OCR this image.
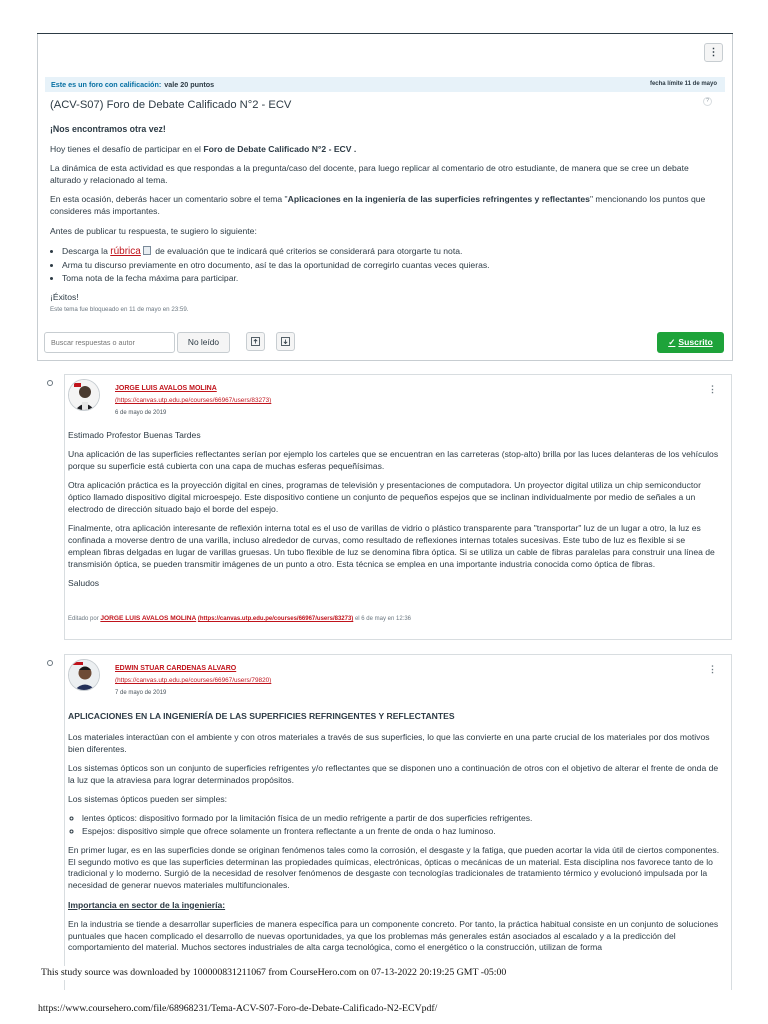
⋮
Este es un foro con calificación: vale 20 puntos	fecha límite 11 de mayo
(ACV-S07) Foro de Debate Calificado N°2 - ECV	?

¡Nos encontramos otra vez!

Hoy tienes el desafío de participar en el Foro de Debate Calificado N°2 - ECV .

La dinámica de esta actividad es que respondas a la pregunta/caso del docente, para luego replicar al comentario de otro estudiante, de manera que se cree un debate alturado y relacionado al tema.

En esta ocasión, deberás hacer un comentario sobre el tema "Aplicaciones en la ingeniería de las superficies refringentes y reflectantes" mencionando los puntos que consideres más importantes.

Antes de publicar tu respuesta, te sugiero lo siguiente:

• Descarga la rúbrica de evaluación que te indicará qué criterios se considerará para otorgarte tu nota.
• Arma tu discurso previamente en otro documento, así te das la oportunidad de corregirlo cuantas veces quieras.
• Toma nota de la fecha máxima para participar.

¡Éxitos!

Este tema fue bloqueado en 11 de mayo en 23:59.
Buscar respuestas o autor
No leído	✓ Suscrito
JORGE LUIS AVALOS MOLINA
(https://canvas.utp.edu.pe/courses/66967/users/83273)
6 de mayo de 2019
⋮

Estimado Profestor Buenas Tardes

Una aplicación de las superficies reflectantes serían por ejemplo los carteles que se encuentran en las carreteras (stop-alto) brilla por las luces delanteras de los vehículos porque su superficie está cubierta con una capa de muchas esferas pequeñísimas.

Otra aplicación práctica es la proyección digital en cines, programas de televisión y presentaciones de computadora. Un proyector digital utiliza un chip semiconductor óptico llamado dispositivo digital microespejo. Este dispositivo contiene un conjunto de pequeños espejos que se inclinan individualmente por medio de señales a un electrodo de dirección situado bajo el borde del espejo.

Finalmente, otra aplicación interesante de reflexión interna total es el uso de varillas de vidrio o plástico transparente para "transportar" luz de un lugar a otro, la luz es confinada a moverse dentro de una varilla, incluso alrededor de curvas, como resultado de reflexiones internas totales sucesivas. Este tubo de luz es flexible si se emplean fibras delgadas en lugar de varillas gruesas. Un tubo flexible de luz se denomina fibra óptica. Si se utiliza un cable de fibras paralelas para construir una línea de transmisión óptica, se pueden transmitir imágenes de un punto a otro. Esta técnica se emplea en una importante industria conocida como óptica de fibras.

Saludos

Editado por JORGE LUIS AVALOS MOLINA (https://canvas.utp.edu.pe/courses/66967/users/83273) el 6 de may en 12:36
EDWIN STUAR CARDENAS ALVARO
(https://canvas.utp.edu.pe/courses/66967/users/79820)
7 de mayo de 2019
⋮

APLICACIONES EN LA INGENIERÍA DE LAS SUPERFICIES REFRINGENTES Y REFLECTANTES

Los materiales interactúan con el ambiente y con otros materiales a través de sus superficies, lo que las convierte en una parte crucial de los materiales por dos motivos bien diferentes.

Los sistemas ópticos son un conjunto de superficies refrigentes y/o reflectantes que se disponen uno a continuación de otros con el objetivo de alterar el frente de onda de la luz que la atraviesa para lograr determinados propósitos.

Los sistemas ópticos pueden ser simples:

◦ lentes ópticos: dispositivo formado por la limitación física de un medio refrigente a partir de dos superficies refrigentes.
◦ Espejos: dispositivo simple que ofrece solamente un frontera reflectante a un frente de onda o haz luminoso.

En primer lugar, es en las superficies donde se originan fenómenos tales como la corrosión, el desgaste y la fatiga, que pueden acortar la vida útil de ciertos componentes. El segundo motivo es que las superficies determinan las propiedades químicas, electrónicas, ópticas o mecánicas de un material. Esta disciplina nos favorece tanto de lo tradicional y lo moderno. Surgió de la necesidad de resolver fenómenos de desgaste con tecnologías tradicionales de tratamiento térmico y evolucionó impulsada por la necesidad de generar nuevos materiales multifuncionales.

Importancia en sector de la ingeniería:

En la industria se tiende a desarrollar superficies de manera específica para un componente concreto. Por tanto, la práctica habitual consiste en un conjunto de soluciones puntuales que hacen complicado el desarrollo de nuevas oportunidades, ya que los problemas más generales están asociados al escalado y a la predicción del comportamiento del material. Muchos sectores industriales de alta carga tecnológica, como el energético o la construcción, utilizan de forma

This study source was downloaded by 100000831211067 from CourseHero.com on 07-13-2022 20:19:25 GMT -05:00
https://www.coursehero.com/file/68968231/Tema-ACV-S07-Foro-de-Debate-Calificado-N2-ECVpdf/
